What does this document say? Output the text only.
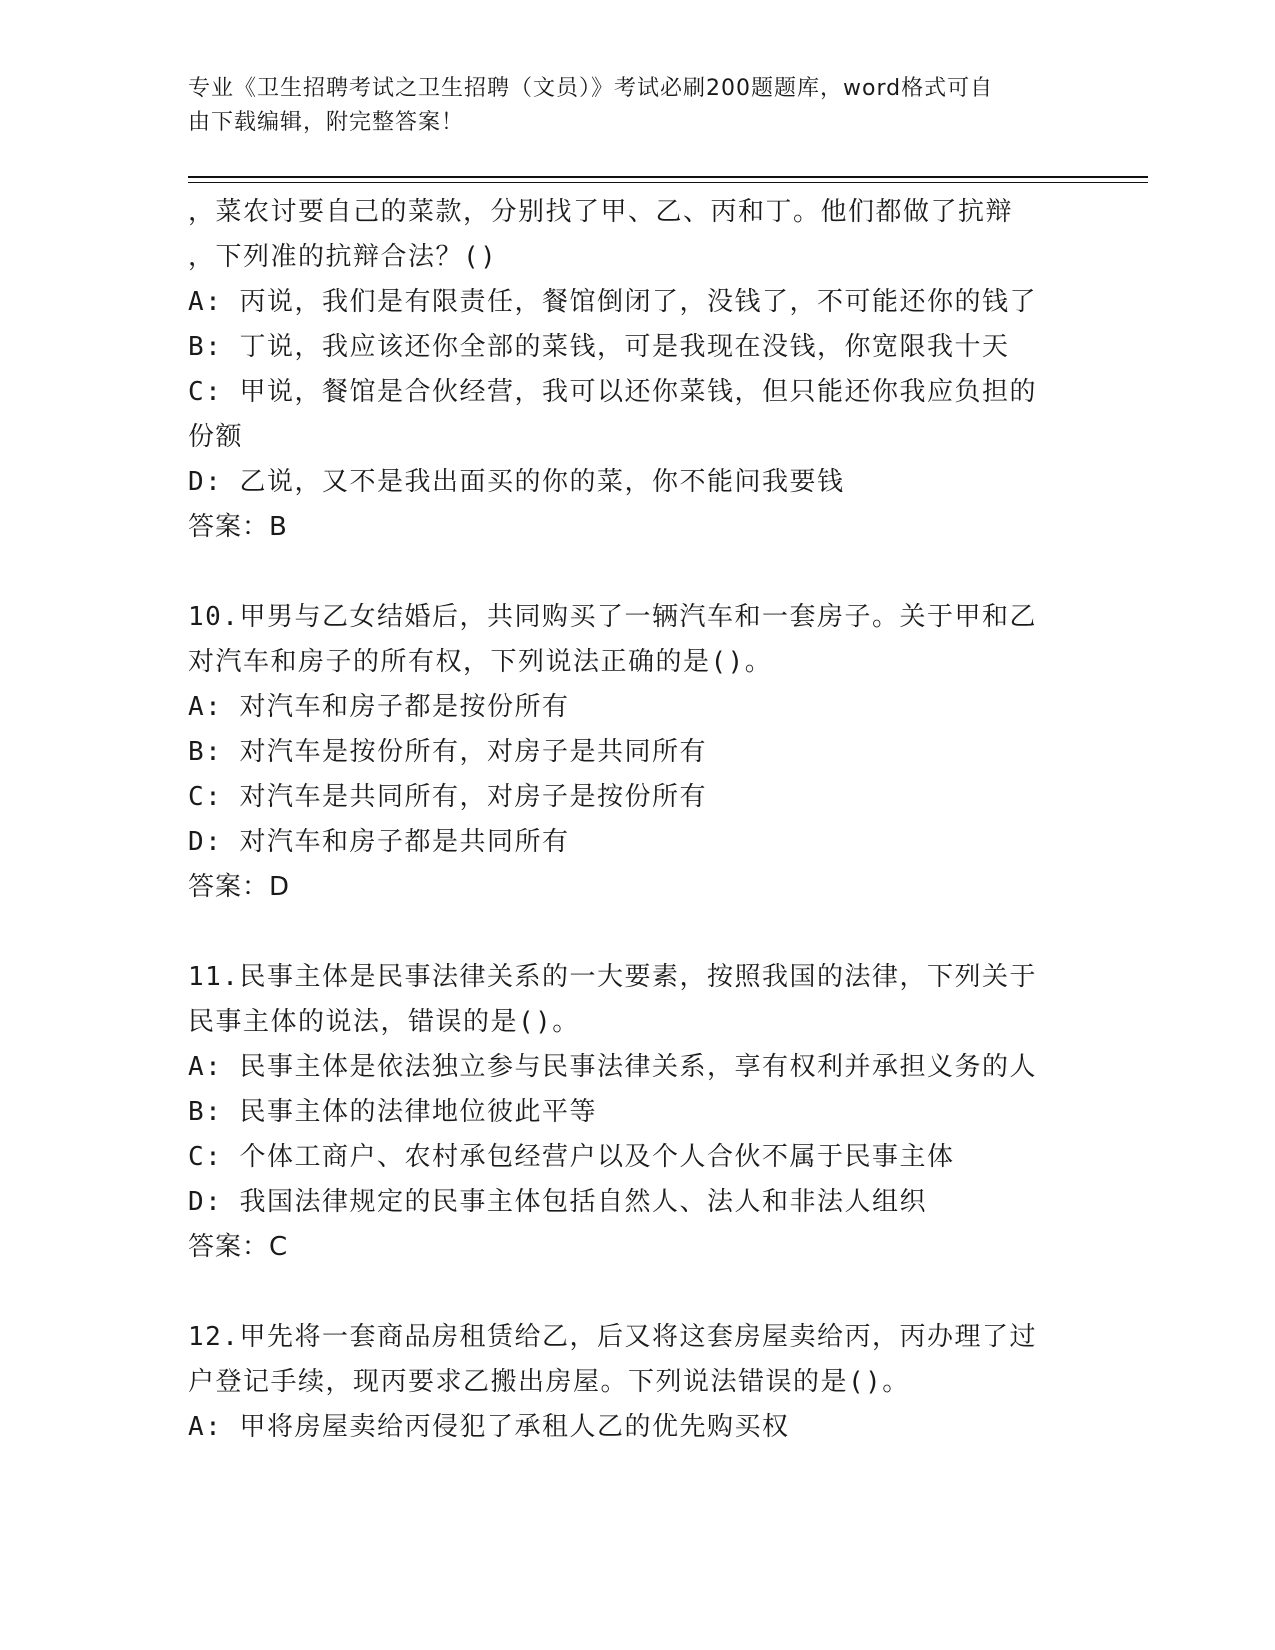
专业《卫生招聘考试之卫生招聘（文员）》考试必刷200题题库，word格式可自
由下载编辑，附完整答案！
，菜农讨要自己的菜款，分别找了甲、乙、丙和丁。他们都做了抗辩
，下列准的抗辩合法？()
A: 丙说，我们是有限责任，餐馆倒闭了，没钱了，不可能还你的钱了
B: 丁说，我应该还你全部的菜钱，可是我现在没钱，你宽限我十天
C: 甲说，餐馆是合伙经营，我可以还你菜钱，但只能还你我应负担的
份额
D: 乙说，又不是我出面买的你的菜，你不能问我要钱
答案：B
10.甲男与乙女结婚后，共同购买了一辆汽车和一套房子。关于甲和乙
对汽车和房子的所有权，下列说法正确的是()。
A: 对汽车和房子都是按份所有
B: 对汽车是按份所有，对房子是共同所有
C: 对汽车是共同所有，对房子是按份所有
D: 对汽车和房子都是共同所有
答案：D
11.民事主体是民事法律关系的一大要素，按照我国的法律，下列关于
民事主体的说法，错误的是()。
A: 民事主体是依法独立参与民事法律关系，享有权利并承担义务的人
B: 民事主体的法律地位彼此平等
C: 个体工商户、农村承包经营户以及个人合伙不属于民事主体
D: 我国法律规定的民事主体包括自然人、法人和非法人组织
答案：C
12.甲先将一套商品房租赁给乙，后又将这套房屋卖给丙，丙办理了过
户登记手续，现丙要求乙搬出房屋。下列说法错误的是()。
A: 甲将房屋卖给丙侵犯了承租人乙的优先购买权
